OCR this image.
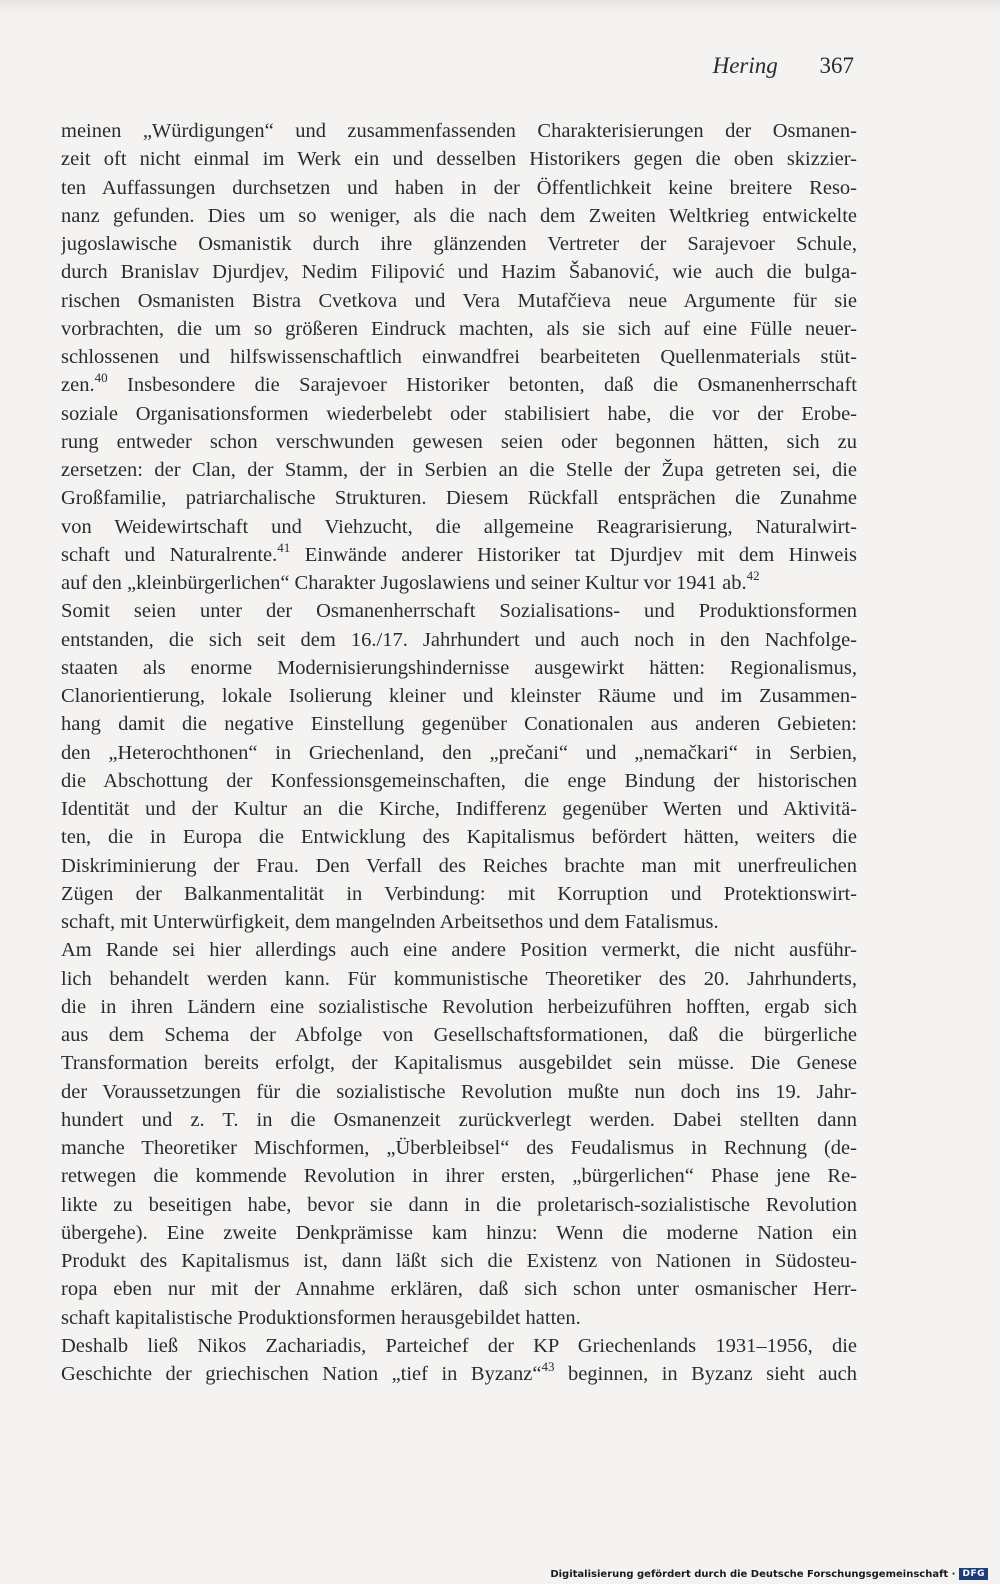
Hering 367
meinen „Würdigungen“ und zusammenfassenden Charakterisierungen der Osmanen-
zeit oft nicht einmal im Werk ein und desselben Historikers gegen die oben skizzier-
ten Auffassungen durchsetzen und haben in der Öffentlichkeit keine breitere Reso-
nanz gefunden. Dies um so weniger, als die nach dem Zweiten Weltkrieg entwickelte
jugoslawische Osmanistik durch ihre glänzenden Vertreter der Sarajevoer Schule,
durch Branislav Djurdjev, Nedim Filipović und Hazim Šabanović, wie auch die bulga-
rischen Osmanisten Bistra Cvetkova und Vera Mutafčieva neue Argumente für sie
vorbrachten, die um so größeren Eindruck machten, als sie sich auf eine Fülle neuer-
schlossenen und hilfswissenschaftlich einwandfrei bearbeiteten Quellenmaterials stüt-
zen.$^{40}$ Insbesondere die Sarajevoer Historiker betonten, daß die Osmanenherrschaft
soziale Organisationsformen wiederbelebt oder stabilisiert habe, die vor der Erobe-
rung entweder schon verschwunden gewesen seien oder begonnen hätten, sich zu
zersetzen: der Clan, der Stamm, der in Serbien an die Stelle der Župa getreten sei, die
Großfamilie, patriarchalische Strukturen. Diesem Rückfall entsprächen die Zunahme
von Weidewirtschaft und Viehzucht, die allgemeine Reagrarisierung, Naturalwirt-
schaft und Naturalrente.$^{41}$ Einwände anderer Historiker tat Djurdjev mit dem Hinweis
auf den „kleinbürgerlichen“ Charakter Jugoslawiens und seiner Kultur vor 1941 ab.$^{42}$
Somit seien unter der Osmanenherrschaft Sozialisations- und Produktionsformen
entstanden, die sich seit dem 16./17. Jahrhundert und auch noch in den Nachfolge-
staaten als enorme Modernisierungshindernisse ausgewirkt hätten: Regionalismus,
Clanorientierung, lokale Isolierung kleiner und kleinster Räume und im Zusammen-
hang damit die negative Einstellung gegenüber Conationalen aus anderen Gebieten:
den „Heterochthonen“ in Griechenland, den „prečani“ und „nemačkari“ in Serbien,
die Abschottung der Konfessionsgemeinschaften, die enge Bindung der historischen
Identität und der Kultur an die Kirche, Indifferenz gegenüber Werten und Aktivitä-
ten, die in Europa die Entwicklung des Kapitalismus befördert hätten, weiters die
Diskriminierung der Frau. Den Verfall des Reiches brachte man mit unerfreulichen
Zügen der Balkanmentalität in Verbindung: mit Korruption und Protektionswirt-
schaft, mit Unterwürfigkeit, dem mangelnden Arbeitsethos und dem Fatalismus.
Am Rande sei hier allerdings auch eine andere Position vermerkt, die nicht ausführ-
lich behandelt werden kann. Für kommunistische Theoretiker des 20. Jahrhunderts,
die in ihren Ländern eine sozialistische Revolution herbeizuführen hofften, ergab sich
aus dem Schema der Abfolge von Gesellschaftsformationen, daß die bürgerliche
Transformation bereits erfolgt, der Kapitalismus ausgebildet sein müsse. Die Genese
der Voraussetzungen für die sozialistische Revolution mußte nun doch ins 19. Jahr-
hundert und z. T. in die Osmanenzeit zurückverlegt werden. Dabei stellten dann
manche Theoretiker Mischformen, „Überbleibsel“ des Feudalismus in Rechnung (de-
retwegen die kommende Revolution in ihrer ersten, „bürgerlichen“ Phase jene Re-
likte zu beseitigen habe, bevor sie dann in die proletarisch-sozialistische Revolution
übergehe). Eine zweite Denkprämisse kam hinzu: Wenn die moderne Nation ein
Produkt des Kapitalismus ist, dann läßt sich die Existenz von Nationen in Südosteu-
ropa eben nur mit der Annahme erklären, daß sich schon unter osmanischer Herr-
schaft kapitalistische Produktionsformen herausgebildet hatten.
Deshalb ließ Nikos Zachariadis, Parteichef der KP Griechenlands 1931–1956, die
Geschichte der griechischen Nation „tief in Byzanz“$^{43}$ beginnen, in Byzanz sieht auch
Digitalisierung gefördert durch die Deutsche Forschungsgemeinschaft · DFG
